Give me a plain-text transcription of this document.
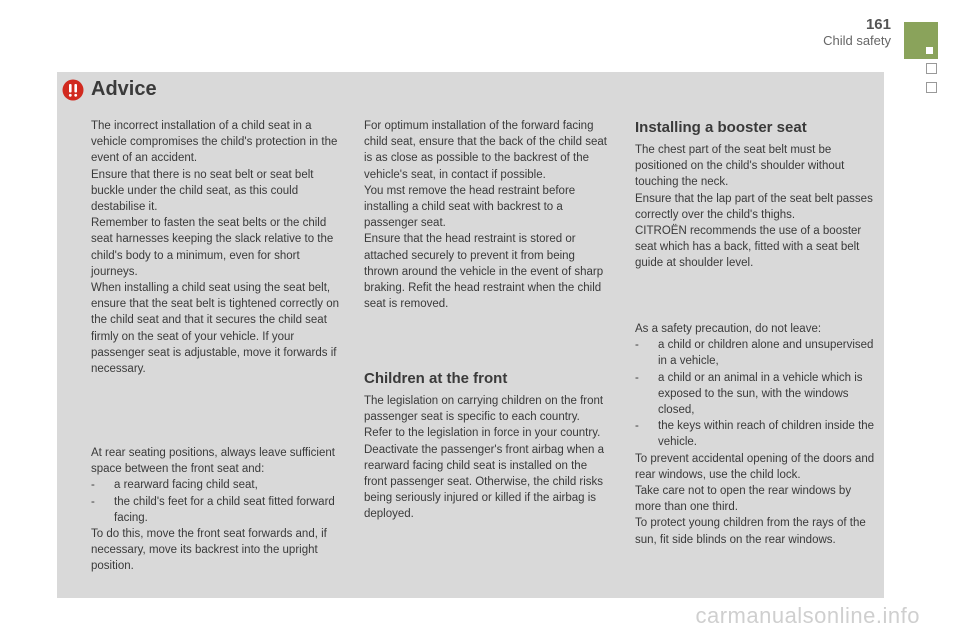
161
Child safety
Advice

The incorrect installation of a child seat in a vehicle compromises the child's protection in the event of an accident.

Ensure that there is no seat belt or seat belt buckle under the child seat, as this could destabilise it.

Remember to fasten the seat belts or the child seat harnesses keeping the slack relative to the child's body to a minimum, even for short journeys.

When installing a child seat using the seat belt, ensure that the seat belt is tightened correctly on the child seat and that it secures the child seat firmly on the seat of your vehicle. If your passenger seat is adjustable, move it forwards if necessary.

At rear seating positions, always leave sufficient space between the front seat and:

- a rearward facing child seat,
- the child's feet for a child seat fitted forward facing.

To do this, move the front seat forwards and, if necessary, move its backrest into the upright position.

For optimum installation of the forward facing child seat, ensure that the back of the child seat is as close as possible to the backrest of the vehicle's seat, in contact if possible.

You mst remove the head restraint before installing a child seat with backrest to a passenger seat.

Ensure that the head restraint is stored or attached securely to prevent it from being thrown around the vehicle in the event of sharp braking. Refit the head restraint when the child seat is removed.

Children at the front

The legislation on carrying children on the front passenger seat is specific to each country. Refer to the legislation in force in your country.

Deactivate the passenger's front airbag when a rearward facing child seat is installed on the front passenger seat. Otherwise, the child risks being seriously injured or killed if the airbag is deployed.

Installing a booster seat

The chest part of the seat belt must be positioned on the child's shoulder without touching the neck.

Ensure that the lap part of the seat belt passes correctly over the child's thighs.

CITROËN recommends the use of a booster seat which has a back, fitted with a seat belt guide at shoulder level.

As a safety precaution, do not leave:

- a child or children alone and unsupervised in a vehicle,
- a child or an animal in a vehicle which is exposed to the sun, with the windows closed,
- the keys within reach of children inside the vehicle.

To prevent accidental opening of the doors and rear windows, use the child lock.

Take care not to open the rear windows by more than one third.

To protect young children from the rays of the sun, fit side blinds on the rear windows.

carmanualsonline.info
